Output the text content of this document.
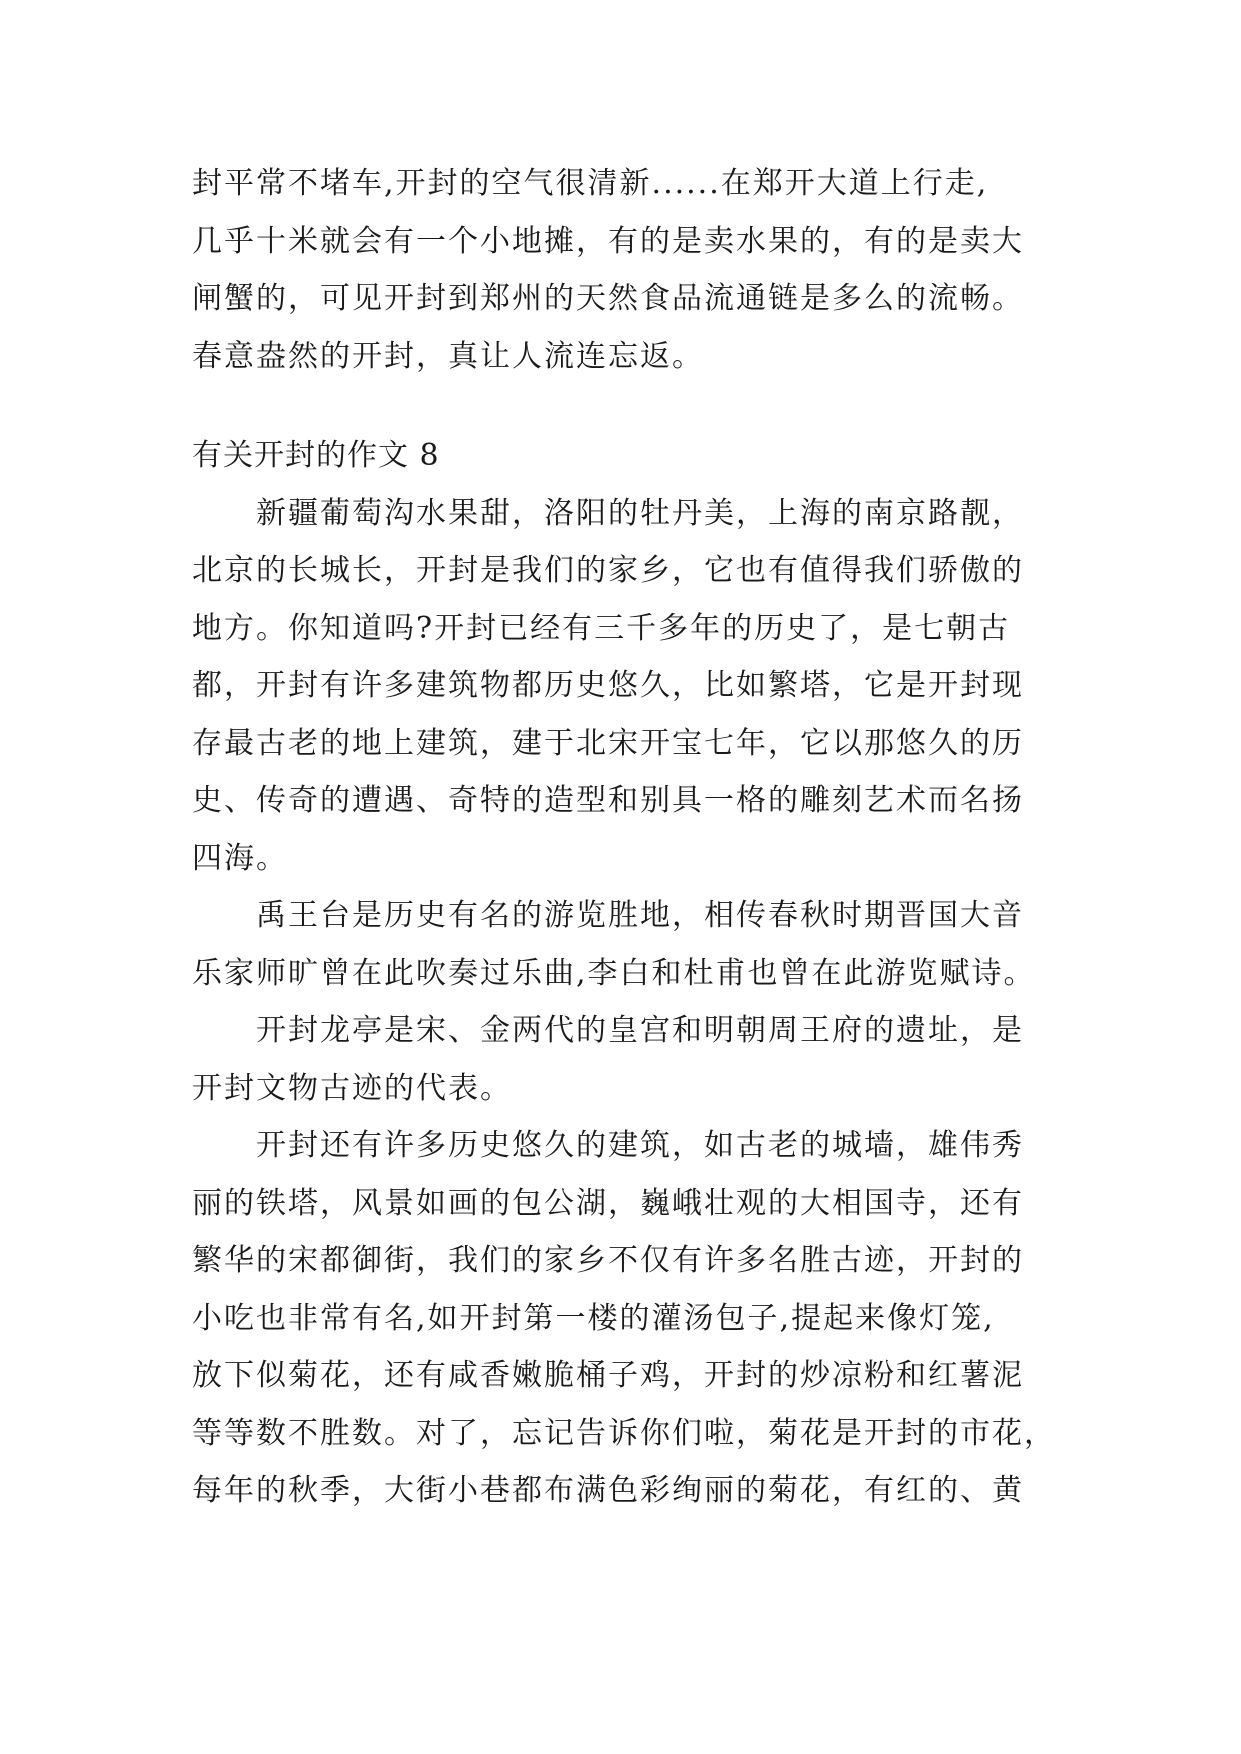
封平常不堵车,开封的空气很清新......在郑开大道上行走,
几乎十米就会有一个小地摊，有的是卖水果的，有的是卖大
闸蟹的，可见开封到郑州的天然食品流通链是多么的流畅。
春意盎然的开封，真让人流连忘返。
有关开封的作文 8
新疆葡萄沟水果甜，洛阳的牡丹美，上海的南京路靓，
北京的长城长，开封是我们的家乡，它也有值得我们骄傲的
地方。你知道吗?开封已经有三千多年的历史了，是七朝古
都，开封有许多建筑物都历史悠久，比如繁塔，它是开封现
存最古老的地上建筑，建于北宋开宝七年，它以那悠久的历
史、传奇的遭遇、奇特的造型和别具一格的雕刻艺术而名扬
四海。
禹王台是历史有名的游览胜地，相传春秋时期晋国大音
乐家师旷曾在此吹奏过乐曲,李白和杜甫也曾在此游览赋诗。
开封龙亭是宋、金两代的皇宫和明朝周王府的遗址，是
开封文物古迹的代表。
开封还有许多历史悠久的建筑，如古老的城墙，雄伟秀
丽的铁塔，风景如画的包公湖，巍峨壮观的大相国寺，还有
繁华的宋都御街，我们的家乡不仅有许多名胜古迹，开封的
小吃也非常有名,如开封第一楼的灌汤包子,提起来像灯笼,
放下似菊花，还有咸香嫩脆桶子鸡，开封的炒凉粉和红薯泥
等等数不胜数。对了，忘记告诉你们啦，菊花是开封的市花，
每年的秋季，大街小巷都布满色彩绚丽的菊花，有红的、黄
